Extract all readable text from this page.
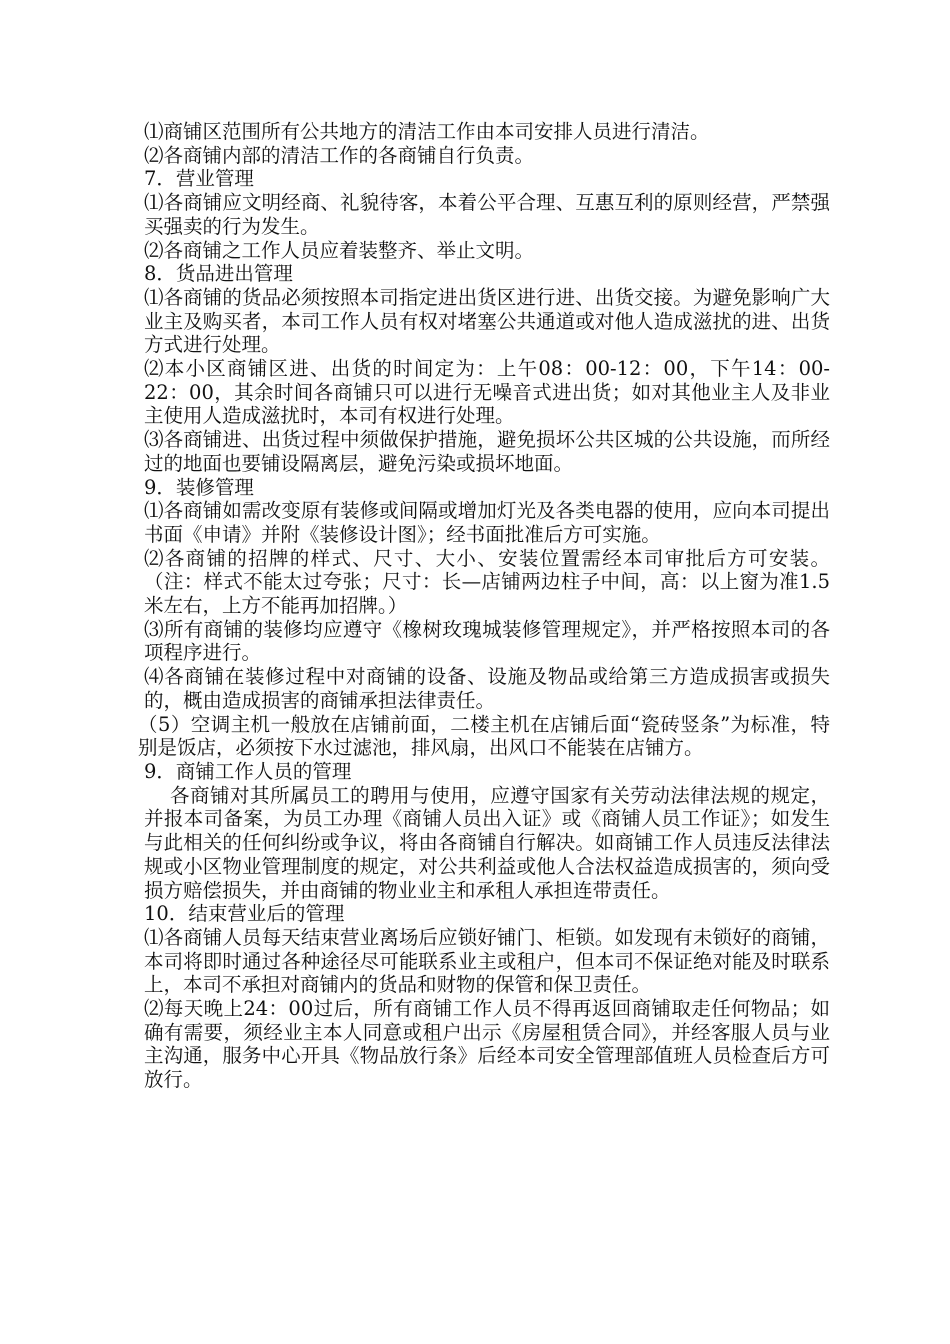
⑴商铺区范围所有公共地方的清洁工作由本司安排人员进行清洁。

⑵各商铺内部的清洁工作的各商铺自行负责。

7．营业管理

⑴各商铺应文明经商、礼貌待客，本着公平合理、互惠互利的原则经营，严禁强买强卖的行为发生。

⑵各商铺之工作人员应着装整齐、举止文明。

8．货品进出管理

⑴各商铺的货品必须按照本司指定进出货区进行进、出货交接。为避免影响广大业主及购买者，本司工作人员有权对堵塞公共通道或对他人造成滋扰的进、出货方式进行处理。

⑵本小区商铺区进、出货的时间定为：上午08：00-12：00，下午14：00-22：00，其余时间各商铺只可以进行无噪音式进出货；如对其他业主人及非业主使用人造成滋扰时，本司有权进行处理。

⑶各商铺进、出货过程中须做保护措施，避免损坏公共区城的公共设施，而所经过的地面也要铺设隔离层，避免污染或损坏地面。

9．装修管理

⑴各商铺如需改变原有装修或间隔或增加灯光及各类电器的使用，应向本司提出书面《申请》并附《装修设计图》；经书面批准后方可实施。

⑵各商铺的招牌的样式、尺寸、大小、安装位置需经本司审批后方可安装。（注：样式不能太过夸张；尺寸：长—店铺两边柱子中间，高：以上窗为准1.5米左右，上方不能再加招牌。）

⑶所有商铺的装修均应遵守《橡树玫瑰城装修管理规定》，并严格按照本司的各项程序进行。

⑷各商铺在装修过程中对商铺的设备、设施及物品或给第三方造成损害或损失的，概由造成损害的商铺承担法律责任。

（5）空调主机一般放在店铺前面，二楼主机在店铺后面“瓷砖竖条”为标准，特别是饭店，必须按下水过滤池，排风扇，出风口不能装在店铺方。

9．商铺工作人员的管理

各商铺对其所属员工的聘用与使用，应遵守国家有关劳动法律法规的规定，并报本司备案，为员工办理《商铺人员出入证》或《商铺人员工作证》；如发生与此相关的任何纠纷或争议，将由各商铺自行解决。如商铺工作人员违反法律法规或小区物业管理制度的规定，对公共利益或他人合法权益造成损害的，须向受损方赔偿损失，并由商铺的物业业主和承租人承担连带责任。

10．结束营业后的管理

⑴各商铺人员每天结束营业离场后应锁好铺门、柜锁。如发现有未锁好的商铺，本司将即时通过各种途径尽可能联系业主或租户，但本司不保证绝对能及时联系上，本司不承担对商铺内的货品和财物的保管和保卫责任。

⑵每天晚上24：00过后，所有商铺工作人员不得再返回商铺取走任何物品；如确有需要，须经业主本人同意或租户出示《房屋租赁合同》，并经客服人员与业主沟通，服务中心开具《物品放行条》后经本司安全管理部值班人员检查后方可放行。
